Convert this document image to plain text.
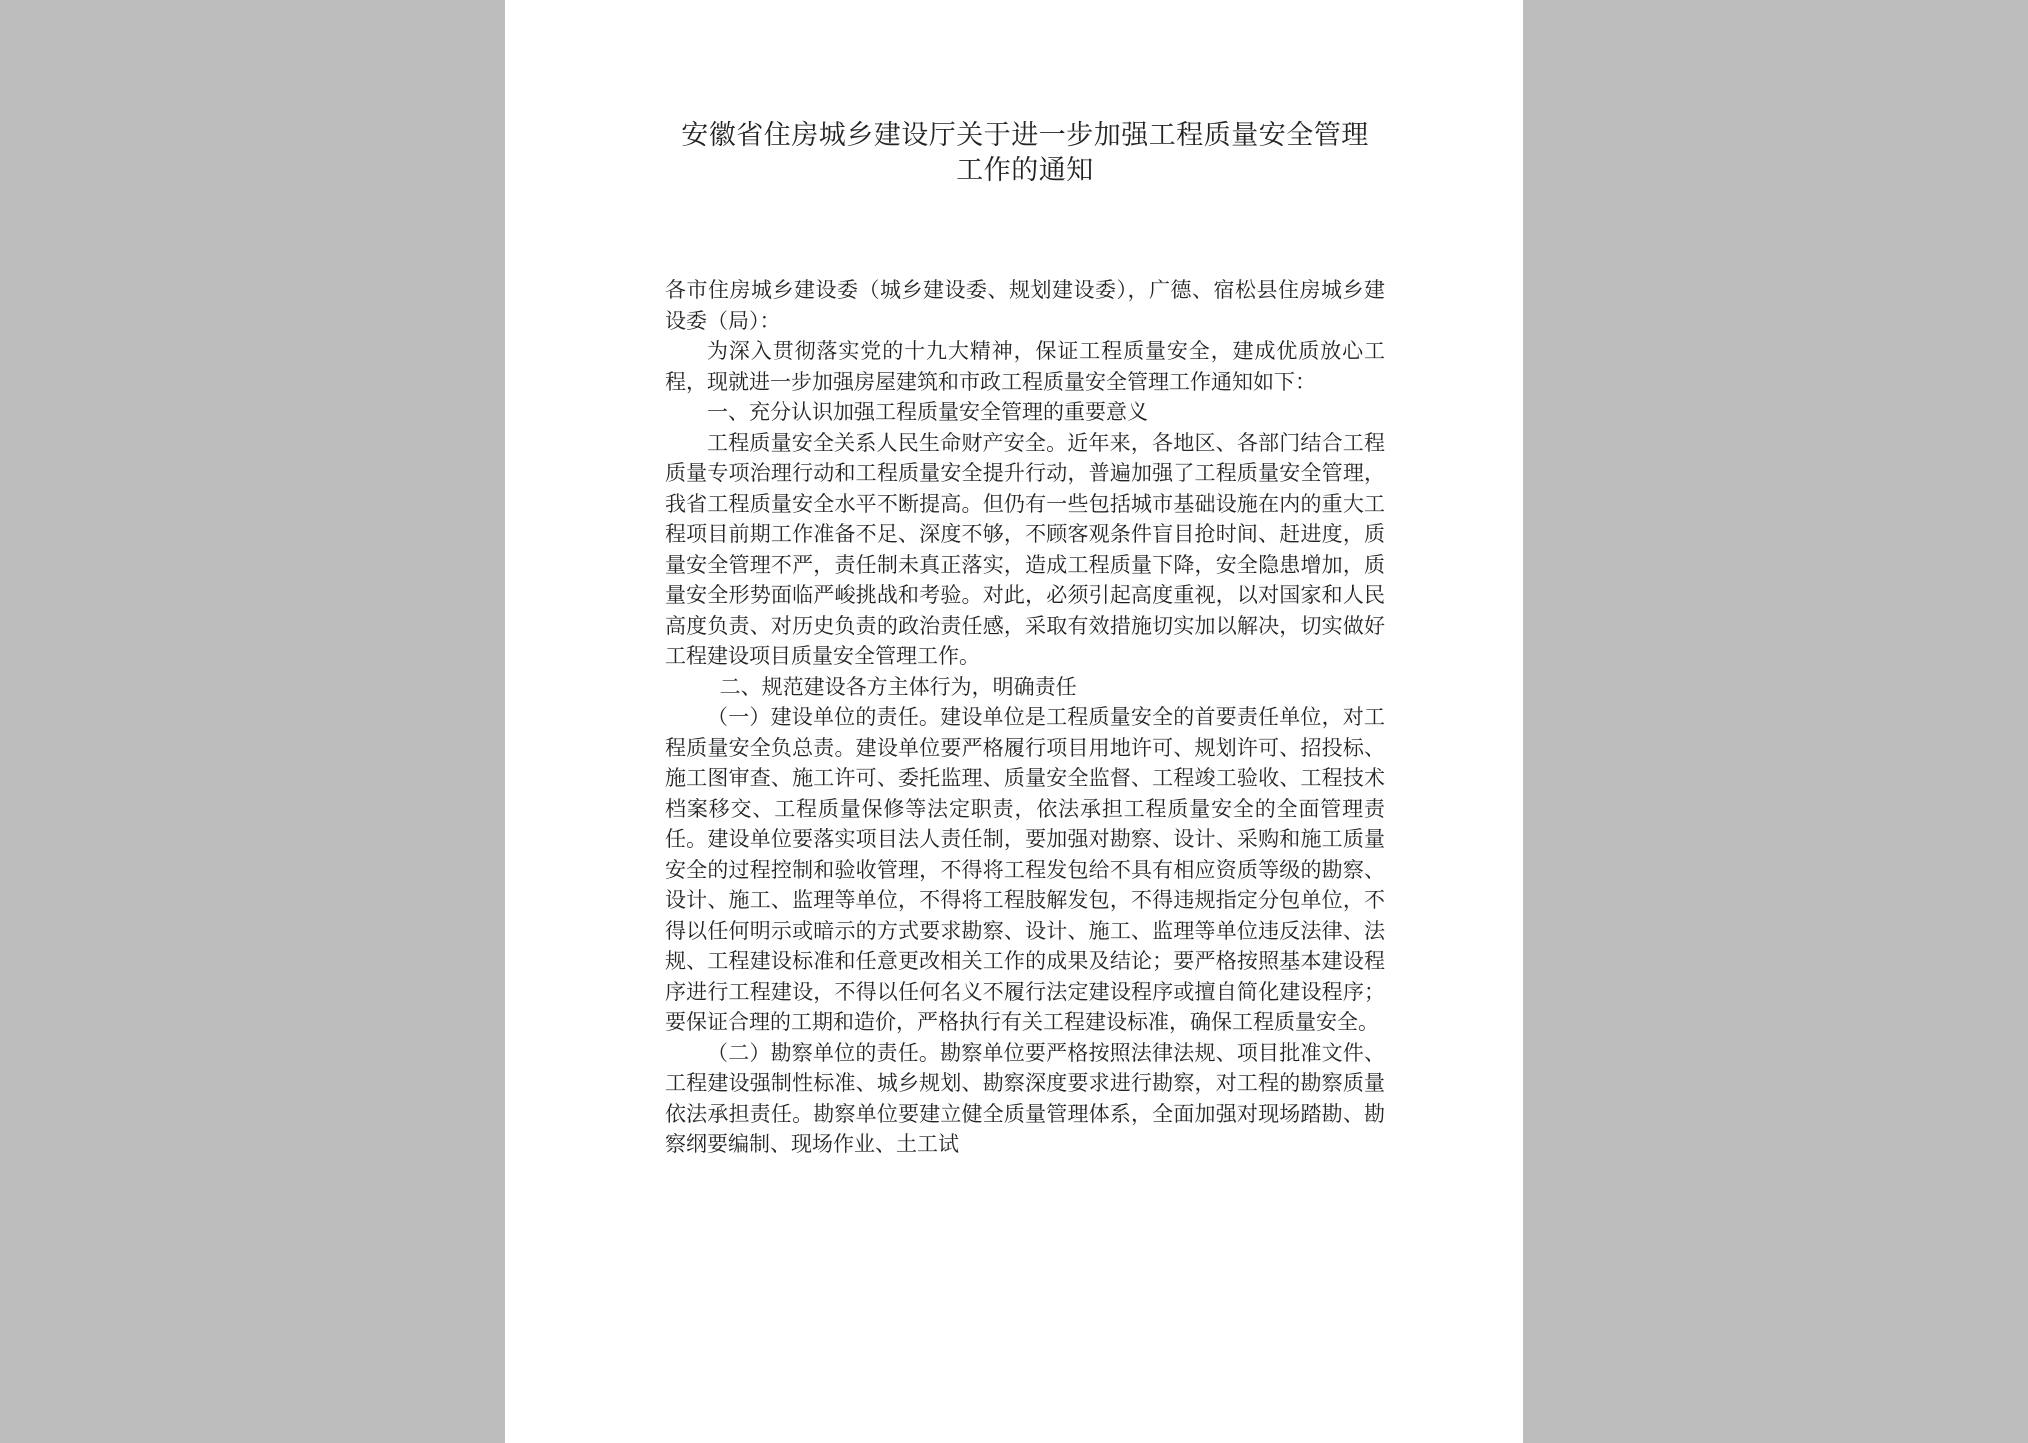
安徽省住房城乡建设厅关于进一步加强工程质量安全管理
工作的通知

各市住房城乡建设委（城乡建设委、规划建设委），广德、宿松县住房城乡建设委（局）：

为深入贯彻落实党的十九大精神，保证工程质量安全，建成优质放心工程，现就进一步加强房屋建筑和市政工程质量安全管理工作通知如下：

一、充分认识加强工程质量安全管理的重要意义

工程质量安全关系人民生命财产安全。近年来，各地区、各部门结合工程质量专项治理行动和工程质量安全提升行动，普遍加强了工程质量安全管理，我省工程质量安全水平不断提高。但仍有一些包括城市基础设施在内的重大工程项目前期工作准备不足、深度不够，不顾客观条件盲目抢时间、赶进度，质量安全管理不严，责任制未真正落实，造成工程质量下降，安全隐患增加，质量安全形势面临严峻挑战和考验。对此，必须引起高度重视，以对国家和人民高度负责、对历史负责的政治责任感，采取有效措施切实加以解决，切实做好工程建设项目质量安全管理工作。

二、规范建设各方主体行为，明确责任

（一）建设单位的责任。建设单位是工程质量安全的首要责任单位，对工程质量安全负总责。建设单位要严格履行项目用地许可、规划许可、招投标、施工图审查、施工许可、委托监理、质量安全监督、工程竣工验收、工程技术档案移交、工程质量保修等法定职责，依法承担工程质量安全的全面管理责任。建设单位要落实项目法人责任制，要加强对勘察、设计、采购和施工质量安全的过程控制和验收管理，不得将工程发包给不具有相应资质等级的勘察、设计、施工、监理等单位，不得将工程肢解发包，不得违规指定分包单位，不得以任何明示或暗示的方式要求勘察、设计、施工、监理等单位违反法律、法规、工程建设标准和任意更改相关工作的成果及结论；要严格按照基本建设程序进行工程建设，不得以任何名义不履行法定建设程序或擅自简化建设程序；要保证合理的工期和造价，严格执行有关工程建设标准，确保工程质量安全。

（二）勘察单位的责任。勘察单位要严格按照法律法规、项目批准文件、工程建设强制性标准、城乡规划、勘察深度要求进行勘察，对工程的勘察质量依法承担责任。勘察单位要建立健全质量管理体系，全面加强对现场踏勘、勘察纲要编制、现场作业、土工试
